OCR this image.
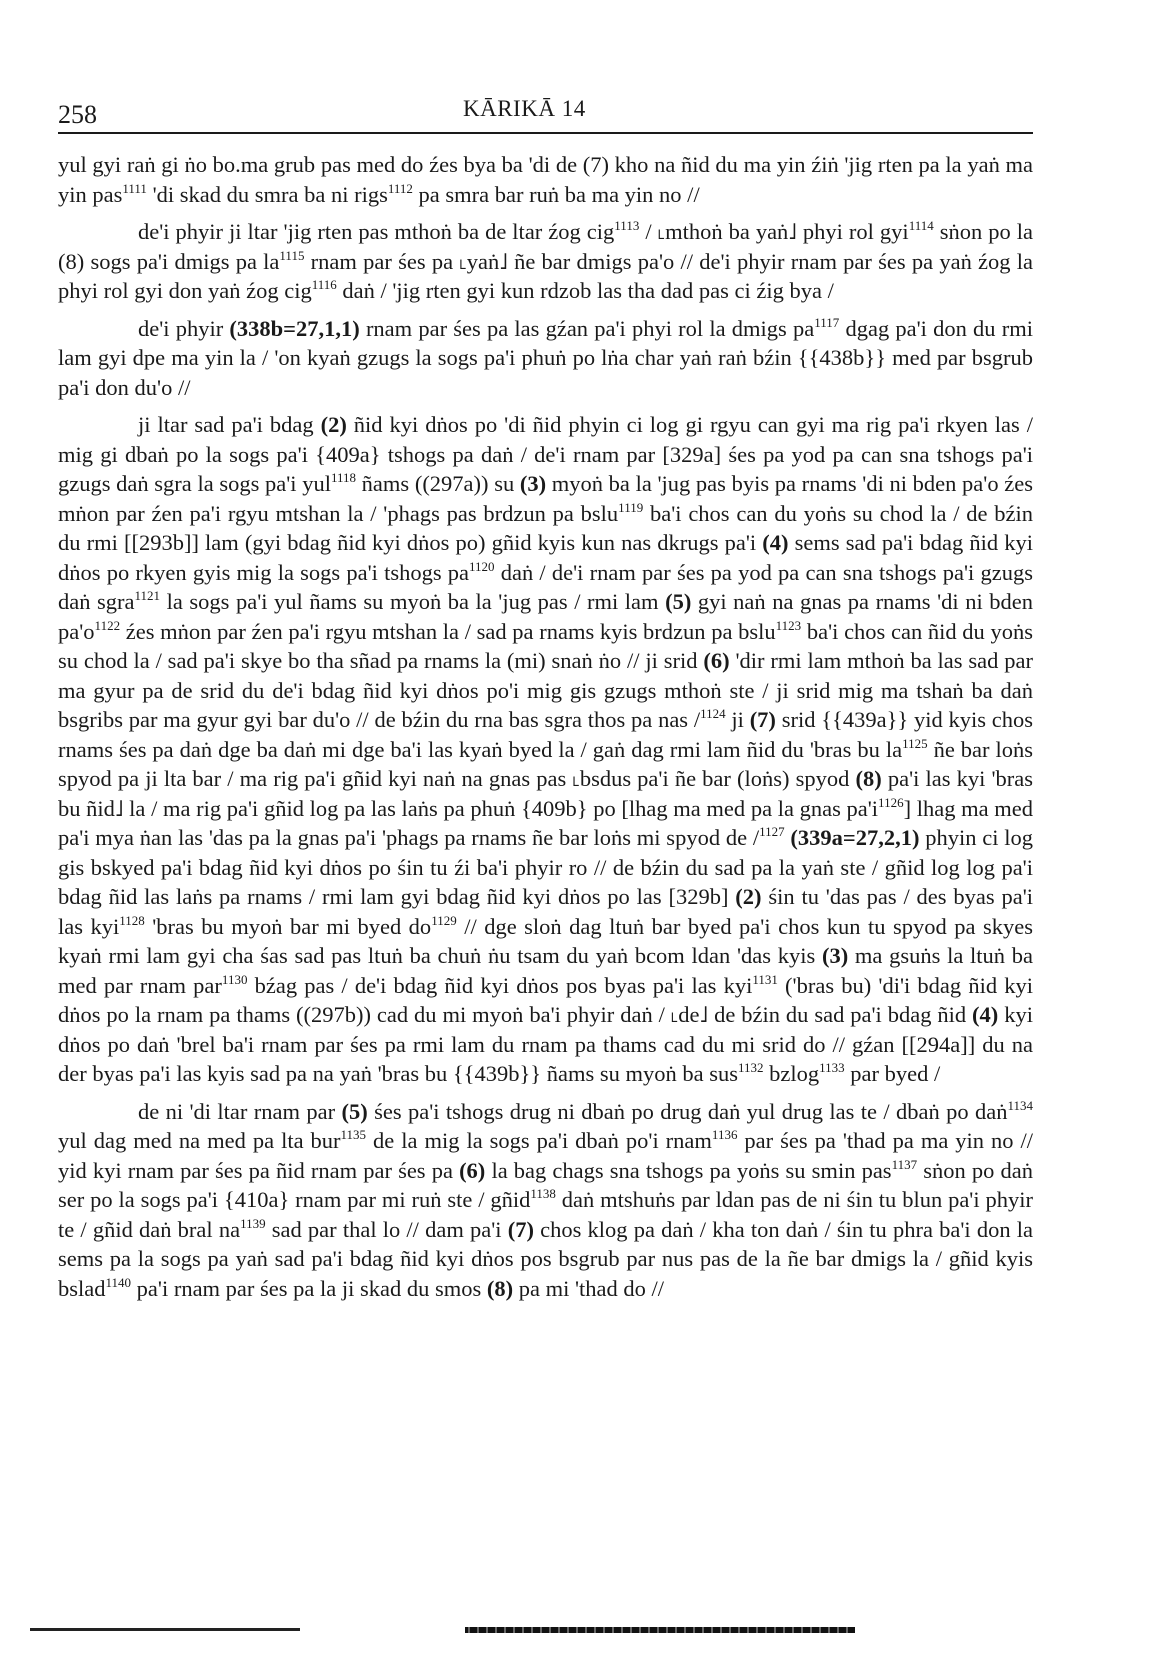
258	KĀRIKĀ 14

yul gyi raṅ gi ṅo bo.ma grub pas med do źes bya ba 'di de (7) kho na ñid du ma yin źiṅ 'jig rten pa la yaṅ ma yin pas$^{1111}$ 'di skad du smra ba ni rigs$^{1112}$ pa smra bar ruṅ ba ma yin no //

de'i phyir ji ltar 'jig rten pas mthoṅ ba de ltar źog cig$^{1113}$ / ˪mthoṅ ba yaṅ˩ phyi rol gyi$^{1114}$ sṅon po la (8) sogs pa'i dmigs pa $la^{1115}$ rnam par śes pa ˪yaṅ˩ ñe bar dmigs pa'o // de'i phyir rnam par śes pa yaṅ źog la phyi rol gyi don yaṅ źog cig$^{1116}$ daṅ / 'jig rten gyi kun rdzob las tha dad pas ci źig bya /

de'i phyir (338b=27,1,1) rnam par śes pa las gźan pa'i phyi rol la dmigs $pa^{1117}$ dgag pa'i don du rmi lam gyi dpe ma yin la / 'on kyaṅ gzugs la sogs pa'i phuṅ po lṅa char yaṅ raṅ bźin {{438b}} med par bsgrub pa'i don du'o //

ji ltar sad pa'i bdag (2) ñid kyi dṅos po 'di ñid phyin ci log gi rgyu can gyi ma rig pa'i rkyen las / mig gi dbaṅ po la sogs pa'i {409a} tshogs pa daṅ / de'i rnam par [329a] śes pa yod pa can sna tshogs pa'i gzugs daṅ sgra la sogs pa'i yul$^{1118}$ ñams ((297a)) su (3) myoṅ ba la 'jug pas byis pa rnams 'di ni bden pa'o źes mṅon par źen pa'i rgyu mtshan la / 'phags pas brdzun pa bslu$^{1119}$ ba'i chos can du yoṅs su chod la / de bźin du rmi [[293b]] lam (gyi bdag ñid kyi dṅos po) gñid kyis kun nas dkrugs pa'i (4) sems sad pa'i bdag ñid kyi dṅos po rkyen gyis mig la sogs pa'i tshogs $pa^{1120}$ daṅ / de'i rnam par śes pa yod pa can sna tshogs pa'i gzugs daṅ sgra$^{1121}$ la sogs pa'i yul ñams su myoṅ ba la 'jug pas / rmi lam (5) gyi naṅ na gnas pa rnams 'di ni bden $pa'o^{1122}$ źes mṅon par źen pa'i rgyu mtshan la / sad pa rnams kyis brdzun pa bslu$^{1123}$ ba'i chos can ñid du yoṅs su chod la / sad pa'i skye bo tha sñad pa rnams la (mi) snaṅ ṅo // ji srid (6) 'dir rmi lam mthoṅ ba las sad par ma gyur pa de srid du de'i bdag ñid kyi dṅos po'i mig gis gzugs mthoṅ ste / ji srid mig ma tshaṅ ba daṅ bsgribs par ma gyur gyi bar du'o // de bźin du rna bas sgra thos pa nas /$^{1124}$ ji (7) srid {{439a}} yid kyis chos rnams śes pa daṅ dge ba daṅ mi dge ba'i las kyaṅ byed la / gaṅ dag rmi lam ñid du 'bras bu $la^{1125}$ ñe bar loṅs spyod pa ji lta bar / ma rig pa'i gñid kyi naṅ na gnas pas ˪bsdus pa'i ñe bar (loṅs) spyod (8) pa'i las kyi 'bras bu ñid˩ la / ma rig pa'i gñid log pa las laṅs pa phuṅ {409b} po [lhag ma med pa la gnas $pa'i^{1126}$] lhag ma med pa'i mya ṅan las 'das pa la gnas pa'i 'phags pa rnams ñe bar loṅs mi spyod de /$^{1127}$ (339a=27,2,1) phyin ci log gis bskyed pa'i bdag ñid kyi dṅos po śin tu źi ba'i phyir ro // de bźin du sad pa la yaṅ ste / gñid log log pa'i bdag ñid las laṅs pa rnams / rmi lam gyi bdag ñid kyi dṅos po las [329b] (2) śin tu 'das pas / des byas pa'i las kyi$^{1128}$ 'bras bu myoṅ bar mi byed $do^{1129}$ // dge sloṅ dag ltuṅ bar byed pa'i chos kun tu spyod pa skyes kyaṅ rmi lam gyi cha śas sad pas ltuṅ ba chuṅ ṅu tsam du yaṅ bcom ldan 'das kyis (3) ma gsuṅs la ltuṅ ba med par rnam par$^{1130}$ bźag pas / de'i bdag ñid kyi dṅos pos byas pa'i las kyi$^{1131}$ ('bras bu) 'di'i bdag ñid kyi dṅos po la rnam pa thams ((297b)) cad du mi myoṅ ba'i phyir daṅ / ˪de˩ de bźin du sad pa'i bdag ñid (4) kyi dṅos po daṅ 'brel ba'i rnam par śes pa rmi lam du rnam pa thams cad du mi srid do // gźan [[294a]] du na der byas pa'i las kyis sad pa na yaṅ 'bras bu {{439b}} ñams su myoṅ ba sus$^{1132}$ bzlog$^{1133}$ par byed /

de ni 'di ltar rnam par (5) śes pa'i tshogs drug ni dbaṅ po drug daṅ yul drug las te / dbaṅ po daṅ$^{1134}$ yul dag med na med pa lta bur$^{1135}$ de la mig la sogs pa'i dbaṅ po'i rnam$^{1136}$ par śes pa 'thad pa ma yin no // yid kyi rnam par śes pa ñid rnam par śes pa (6) la bag chags sna tshogs pa yoṅs su smin pas$^{1137}$ sṅon po daṅ ser po la sogs pa'i {410a} rnam par mi ruṅ ste / gñid$^{1138}$ daṅ mtshuṅs par ldan pas de ni śin tu blun pa'i phyir te / gñid daṅ bral $na^{1139}$ sad par thal lo // dam pa'i (7) chos klog pa daṅ / kha ton daṅ / śin tu phra ba'i don la sems pa la sogs pa yaṅ sad pa'i bdag ñid kyi dṅos pos bsgrub par nus pas de la ñe bar dmigs la / gñid kyis bslad$^{1140}$ pa'i rnam par śes pa la ji skad du smos (8) pa mi 'thad do //
